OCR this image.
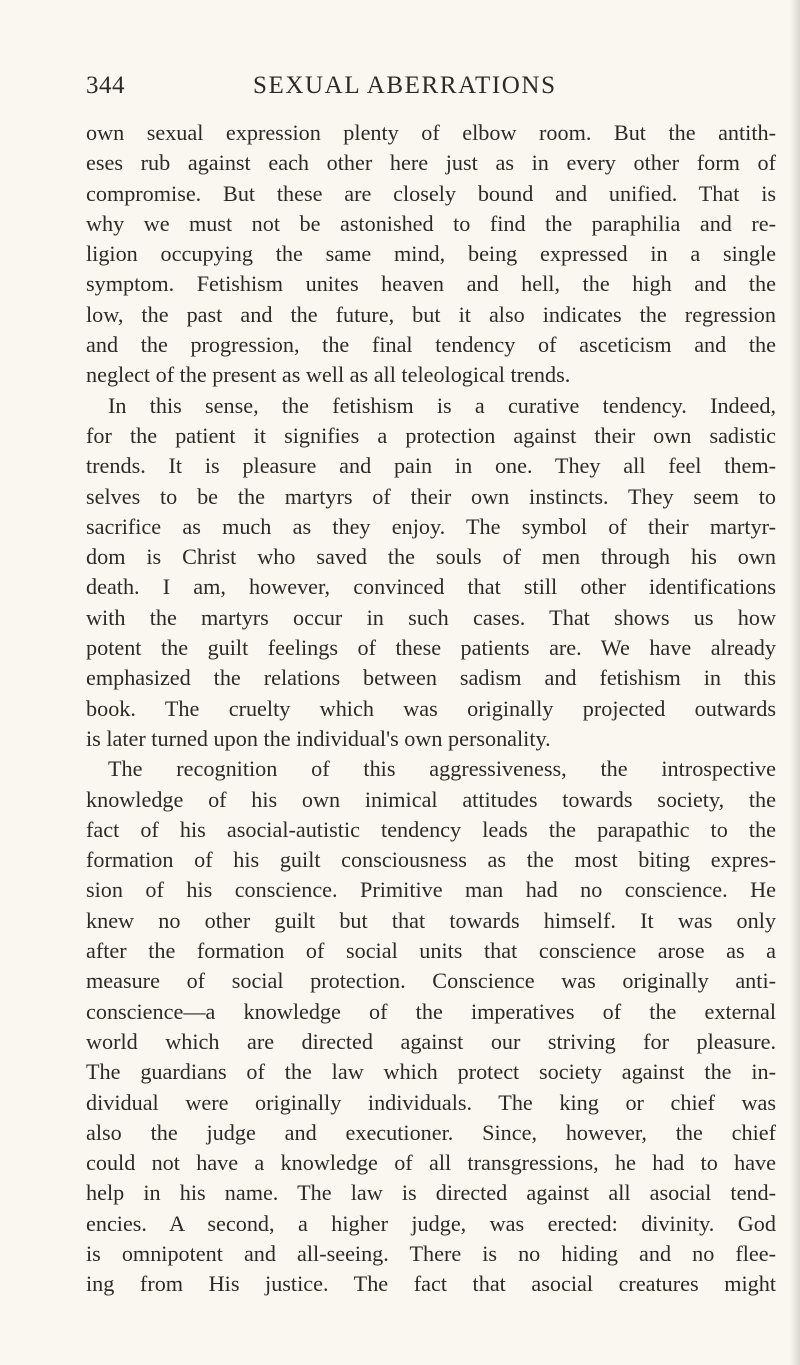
344	SEXUAL ABERRATIONS
own sexual expression plenty of elbow room. But the antith-
eses rub against each other here just as in every other form of
compromise. But these are closely bound and unified. That is
why we must not be astonished to find the paraphilia and re-
ligion occupying the same mind, being expressed in a single
symptom. Fetishism unites heaven and hell, the high and the
low, the past and the future, but it also indicates the regression
and the progression, the final tendency of asceticism and the
neglect of the present as well as all teleological trends.
In this sense, the fetishism is a curative tendency. Indeed,
for the patient it signifies a protection against their own sadistic
trends. It is pleasure and pain in one. They all feel them-
selves to be the martyrs of their own instincts. They seem to
sacrifice as much as they enjoy. The symbol of their martyr-
dom is Christ who saved the souls of men through his own
death. I am, however, convinced that still other identifications
with the martyrs occur in such cases. That shows us how
potent the guilt feelings of these patients are. We have already
emphasized the relations between sadism and fetishism in this
book. The cruelty which was originally projected outwards
is later turned upon the individual's own personality.
The recognition of this aggressiveness, the introspective
knowledge of his own inimical attitudes towards society, the
fact of his asocial-autistic tendency leads the parapathic to the
formation of his guilt consciousness as the most biting expres-
sion of his conscience. Primitive man had no conscience. He
knew no other guilt but that towards himself. It was only
after the formation of social units that conscience arose as a
measure of social protection. Conscience was originally anti-
conscience—a knowledge of the imperatives of the external
world which are directed against our striving for pleasure.
The guardians of the law which protect society against the in-
dividual were originally individuals. The king or chief was
also the judge and executioner. Since, however, the chief
could not have a knowledge of all transgressions, he had to have
help in his name. The law is directed against all asocial tend-
encies. A second, a higher judge, was erected: divinity. God
is omnipotent and all-seeing. There is no hiding and no flee-
ing from His justice. The fact that asocial creatures might
